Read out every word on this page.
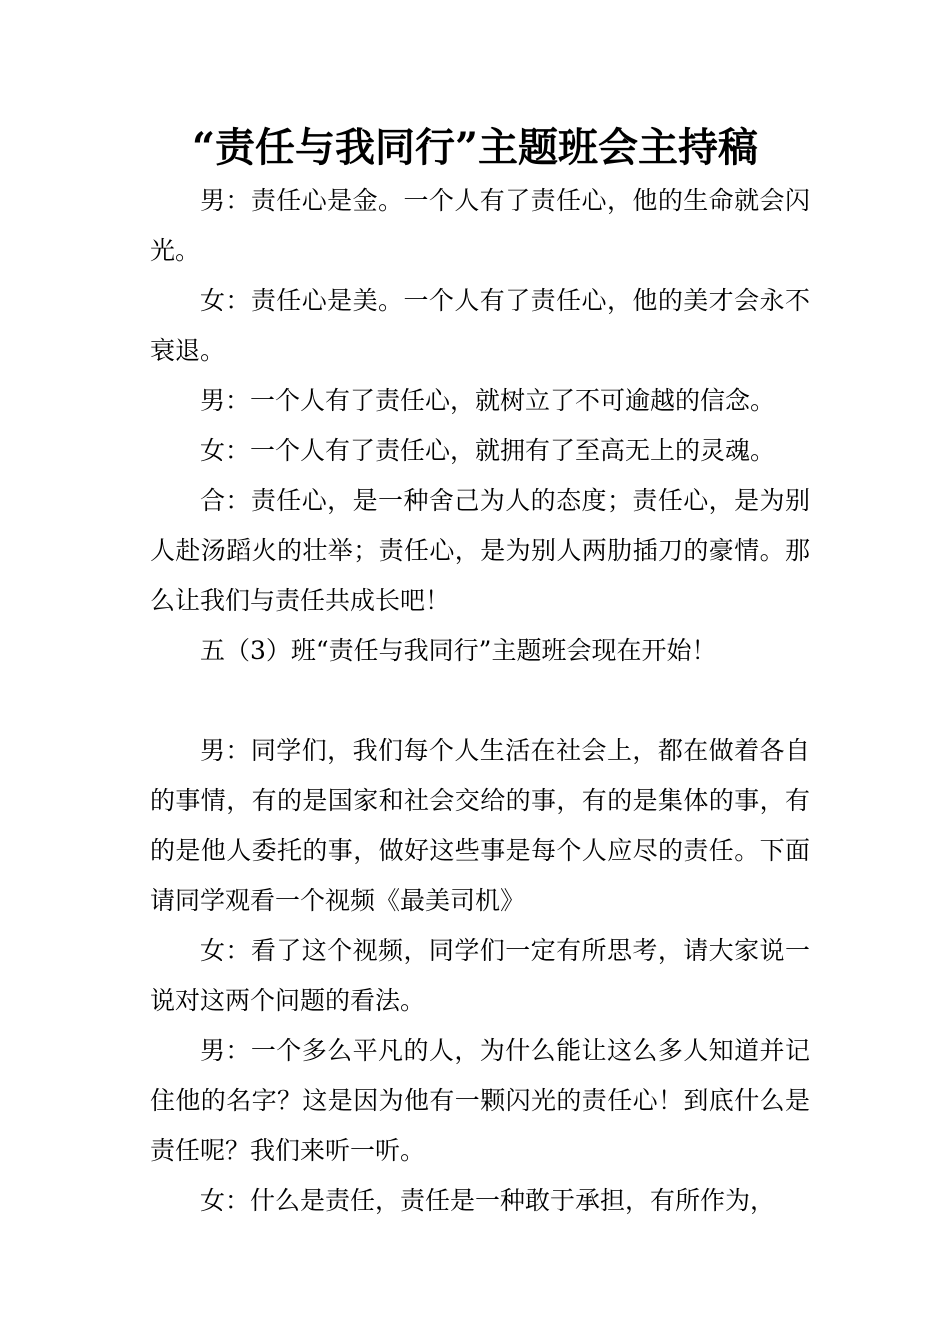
“责任与我同行”主题班会主持稿

男：责任心是金。一个人有了责任心，他的生命就会闪光。

女：责任心是美。一个人有了责任心，他的美才会永不衰退。

男：一个人有了责任心，就树立了不可逾越的信念。

女：一个人有了责任心，就拥有了至高无上的灵魂。

合：责任心，是一种舍己为人的态度；责任心，是为别人赴汤蹈火的壮举；责任心，是为别人两肋插刀的豪情。那么让我们与责任共成长吧！

五（3）班“责任与我同行”主题班会现在开始！

男：同学们，我们每个人生活在社会上，都在做着各自的事情，有的是国家和社会交给的事，有的是集体的事，有的是他人委托的事，做好这些事是每个人应尽的责任。下面请同学观看一个视频《最美司机》

女：看了这个视频，同学们一定有所思考，请大家说一说对这两个问题的看法。

男：一个多么平凡的人，为什么能让这么多人知道并记住他的名字？这是因为他有一颗闪光的责任心！到底什么是责任呢？我们来听一听。

女：什么是责任，责任是一种敢于承担，有所作为，
